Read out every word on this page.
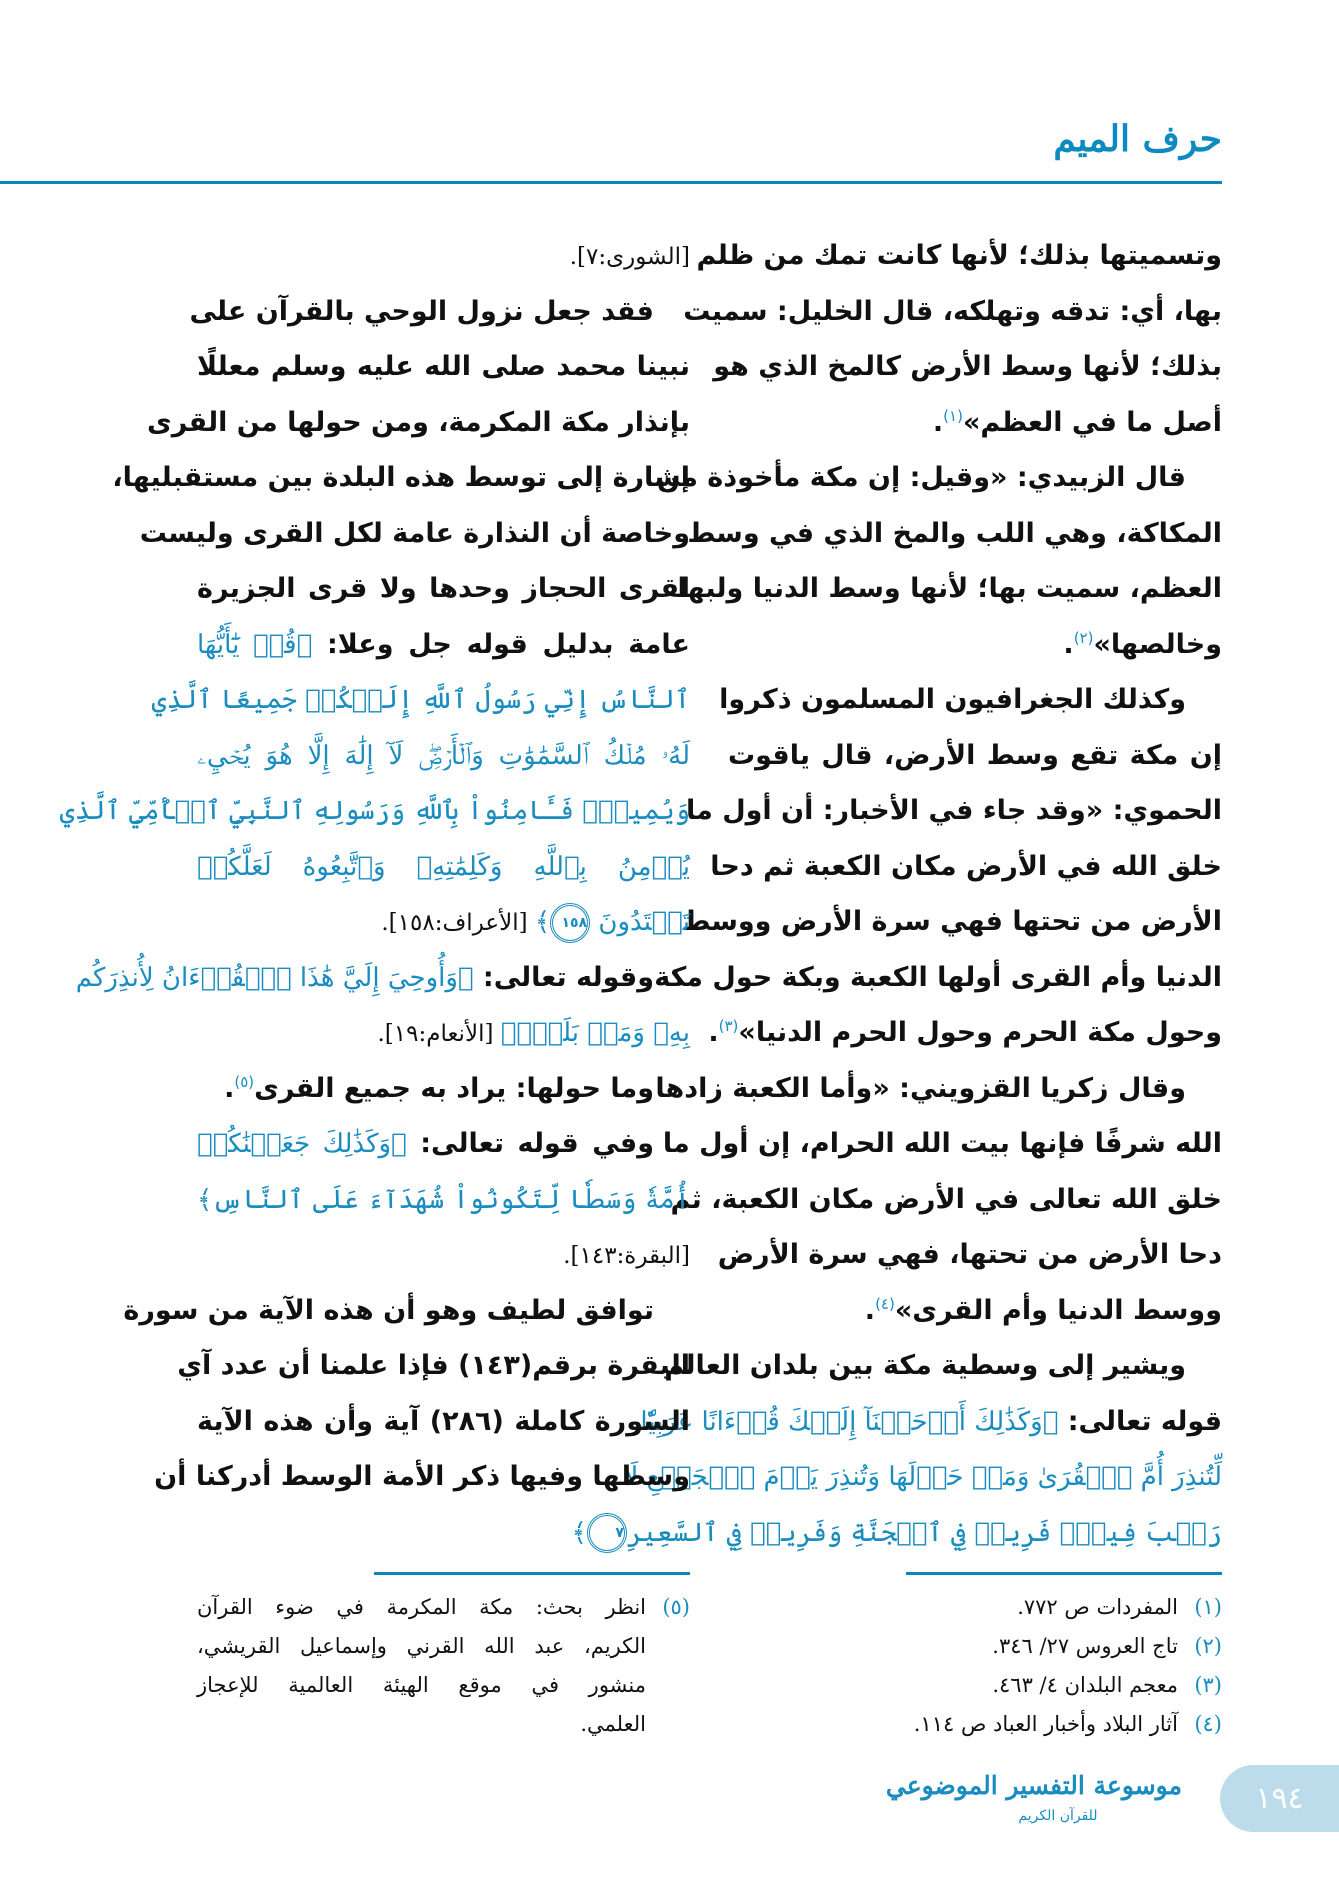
حرف الميم
وتسميتها بذلك؛ لأنها كانت تمك من ظلم
بها، أي: تدقه وتهلكه، قال الخليل: سميت
بذلك؛ لأنها وسط الأرض كالمخ الذي هو
أصل ما في العظم»$^{(١)}$.
قال الزبيدي: «وقيل: إن مكة مأخوذة من
المكاكة، وهي اللب والمخ الذي في وسط
العظم، سميت بها؛ لأنها وسط الدنيا ولبها
وخالصها»$^{(٢)}$.
وكذلك الجغرافيون المسلمون ذكروا
إن مكة تقع وسط الأرض، قال ياقوت
الحموي: «وقد جاء في الأخبار: أن أول ما
خلق الله في الأرض مكان الكعبة ثم دحا
الأرض من تحتها فهي سرة الأرض ووسط
الدنيا وأم القرى أولها الكعبة وبكة حول مكة
وحول مكة الحرم وحول الحرم الدنيا»$^{(٣)}$.
وقال زكريا القزويني: «وأما الكعبة زادها
الله شرفًا فإنها بيت الله الحرام، إن أول ما
خلق الله تعالى في الأرض مكان الكعبة، ثم
دحا الأرض من تحتها، فهي سرة الأرض
ووسط الدنيا وأم القرى»$^{(٤)}$.
ويشير إلى وسطية مكة بين بلدان العالم
قوله تعالى: ﴿وَكَذَٰلِكَ أَوۡحَيۡنَآ إِلَيۡكَ قُرۡءَانًا عَرَبِيّٗا
لِّتُنذِرَ أُمَّ ٱلۡقُرَىٰ وَمَنۡ حَوۡلَهَا وَتُنذِرَ يَوۡمَ ٱلۡجَمۡعِ لَا
رَيۡبَ فِيهِۚ فَرِيقٞ فِي ٱلۡجَنَّةِ وَفَرِيقٞ فِي ٱلسَّعِيرِ٧﴾
[الشورى:٧].
فقد جعل نزول الوحي بالقرآن على
نبينا محمد صلى الله عليه وسلم معللًا
بإنذار مكة المكرمة، ومن حولها من القرى
إشارة إلى توسط هذه البلدة بين مستقبليها،
وخاصة أن النذارة عامة لكل القرى وليست
لقرى الحجاز وحدها ولا قرى الجزيرة
عامة بدليل قوله جل وعلا: ﴿قُلۡ يَٰٓأَيُّهَا
ٱلنَّاسُ إِنِّي رَسُولُ ٱللَّهِ إِلَيۡكُمۡ جَمِيعًا ٱلَّذِي
لَهُۥ مُلۡكُ ٱلسَّمَٰوَٰتِ وَٱلۡأَرۡضِۖ لَآ إِلَٰهَ إِلَّا هُوَ يُحۡيِۦ
وَيُمِيتُۖ فَـَٔامِنُواْ بِٱللَّهِ وَرَسُولِهِ ٱلنَّبِيِّ ٱلۡأُمِّيِّ ٱلَّذِي
يُؤۡمِنُ بِٱللَّهِ وَكَلِمَٰتِهِۦ وَٱتَّبِعُوهُ لَعَلَّكُمۡ
تَهۡتَدُونَ ١٥٨﴾ [الأعراف:١٥٨].
وقوله تعالى: ﴿وَأُوحِيَ إِلَيَّ هَٰذَا ٱلۡقُرۡءَانُ لِأُنذِرَكُم
بِهِۦ وَمَنۢ بَلَغَۚ﴾ [الأنعام:١٩].
وما حولها: يراد به جميع القرى$^{(٥)}$.
وفي قوله تعالى: ﴿وَكَذَٰلِكَ جَعَلۡنَٰكُمۡ
أُمَّةٗ وَسَطٗا لِّتَكُونُواْ شُهَدَآءَ عَلَى ٱلنَّاسِ﴾
[البقرة:١٤٣].
توافق لطيف وهو أن هذه الآية من سورة
البقرة برقم(١٤٣) فإذا علمنا أن عدد آي
السورة كاملة (٢٨٦) آية وأن هذه الآية
وسطها وفيها ذكر الأمة الوسط أدركنا أن
(١)المفردات ص ٧٧٢.
(٢)تاج العروس ٢٧/ ٣٤٦.
(٣)معجم البلدان ٤/ ٤٦٣.
(٤)آثار البلاد وأخبار العباد ص ١١٤.
(٥)انظر بحث: مكة المكرمة في ضوء القرآن
الكريم، عبد الله القرني وإسماعيل القريشي،
منشور في موقع الهيئة العالمية للإعجاز
العلمي.
موسوعة التفسير الموضوعي
للقرآن الكريم	١٩٤
